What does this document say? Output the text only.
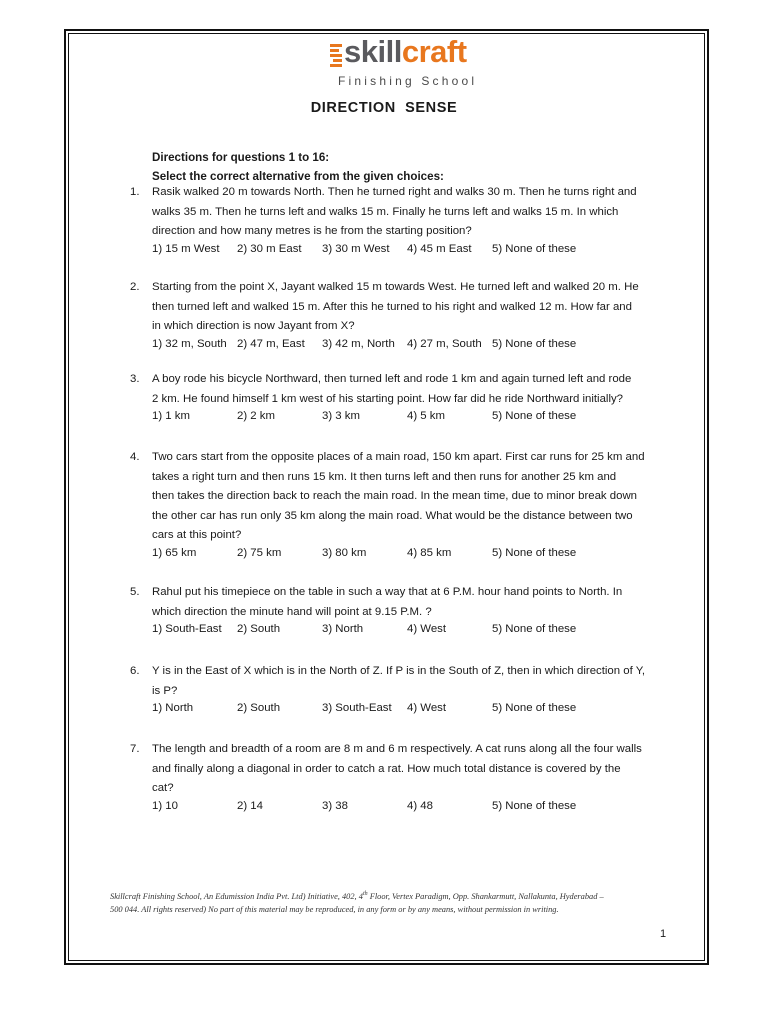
skillcraft
Finishing School
DIRECTION  SENSE
Directions for questions 1 to 16:
Select the correct alternative from the given choices:
1. Rasik walked 20 m towards North. Then he turned right and walks 30 m. Then he turns right and
walks 35 m. Then he turns left and walks 15 m. Finally he turns left and walks 15 m. In which
direction and how many metres is he from the starting position?
1) 15 m West 2) 30 m East 3) 30 m West 4) 45 m East 5) None of these
2. Starting from the point X, Jayant walked 15 m towards West. He turned left and walked 20 m. He
then turned left and walked 15 m. After this he turned to his right and walked 12 m. How far and
in which direction is now Jayant from X?
1) 32 m, South 2) 47 m, East 3) 42 m, North 4) 27 m, South 5) None of these
3. A boy rode his bicycle Northward, then turned left and rode 1 km and again turned left and rode
2 km. He found himself 1 km west of his starting point. How far did he ride Northward initially?
1) 1 km	2) 2 km	3) 3 km	4) 5 km	5) None of these
4. Two cars start from the opposite places of a main road, 150 km apart. First car runs for 25 km and
takes a right turn and then runs 15 km. It then turns left and then runs for another 25 km and
then takes the direction back to reach the main road. In the mean time, due to minor break down
the other car has run only 35 km along the main road. What would be the distance between two
cars at this point?
1) 65 km	2) 75 km	3) 80 km	4) 85 km	5) None of these
5. Rahul put his timepiece on the table in such a way that at 6 P.M. hour hand points to North. In
which direction the minute hand will point at 9.15 P.M. ?
1) South-East 2) South	3) North	4) West	5) None of these
6. Y is in the East of X which is in the North of Z. If P is in the South of Z, then in which direction of Y,
is P?
1) North	2) South	3) South-East 4) West	5) None of these
7. The length and breadth of a room are 8 m and 6 m respectively. A cat runs along all the four walls
and finally along a diagonal in order to catch a rat. How much total distance is covered by the
cat?
1) 10	2) 14	3) 38	4) 48	5) None of these
Skillcraft Finishing School, An Edumission India Pvt. Ltd) Initiative, 402, 4th Floor, Vertex Paradigm, Opp. Shankarmutt, Nallakunta, Hyderabad –
500 044. All rights reserved) No part of this material may be reproduced, in any form or by any means, without permission in writing.
1
